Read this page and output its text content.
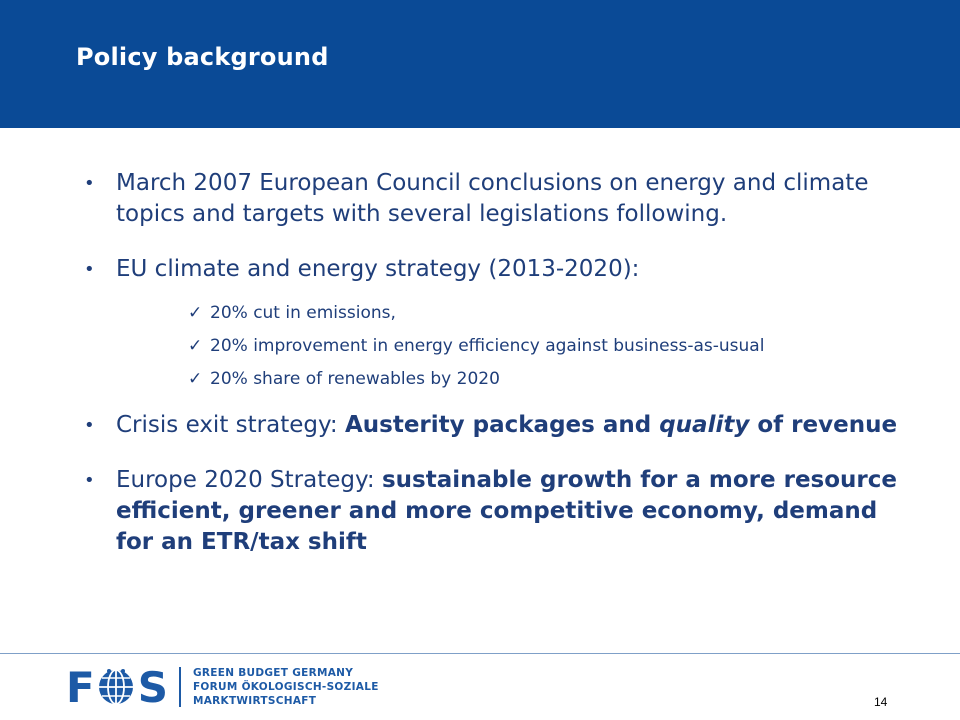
Policy background
• March 2007 European Council conclusions on energy and climate topics and targets with several legislations following.
• EU climate and energy strategy (2013-2020):
✓ 20% cut in emissions,
✓ 20% improvement in energy efficiency against business-as-usual
✓ 20% share of renewables by 2020
• Crisis exit strategy: Austerity packages and quality of revenue
• Europe 2020 Strategy: sustainable growth for a more resource efficient, greener and more competitive economy, demand for an ETR/tax shift
F S GREEN BUDGET GERMANY
FORUM ÖKOLOGISCH-SOZIALE
MARKTWIRTSCHAFT	14
